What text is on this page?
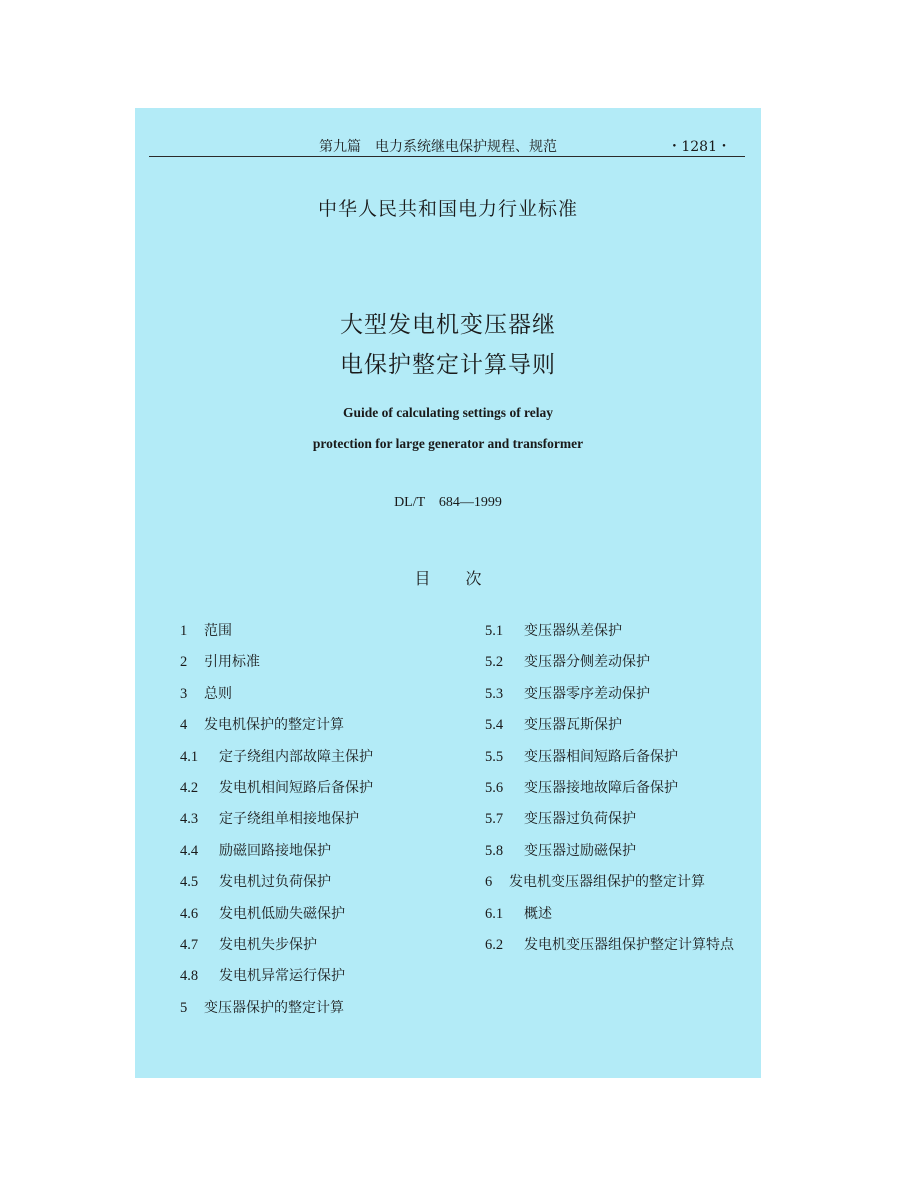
第九篇　电力系统继电保护规程、规范	・1281・
中华人民共和国电力行业标准
大型发电机变压器继
电保护整定计算导则
Guide of calculating settings of relay
protection for large generator and transformer
DL/T　684—1999
目 次
1	范围
2	引用标准
3	总则
4	发电机保护的整定计算
4.1	定子绕组内部故障主保护
4.2	发电机相间短路后备保护
4.3	定子绕组单相接地保护
4.4	励磁回路接地保护
4.5	发电机过负荷保护
4.6	发电机低励失磁保护
4.7	发电机失步保护
4.8	发电机异常运行保护
5	变压器保护的整定计算
5.1	变压器纵差保护
5.2	变压器分侧差动保护
5.3	变压器零序差动保护
5.4	变压器瓦斯保护
5.5	变压器相间短路后备保护
5.6	变压器接地故障后备保护
5.7	变压器过负荷保护
5.8	变压器过励磁保护
6	发电机变压器组保护的整定计算
6.1	概述
6.2	发电机变压器组保护整定计算特点
